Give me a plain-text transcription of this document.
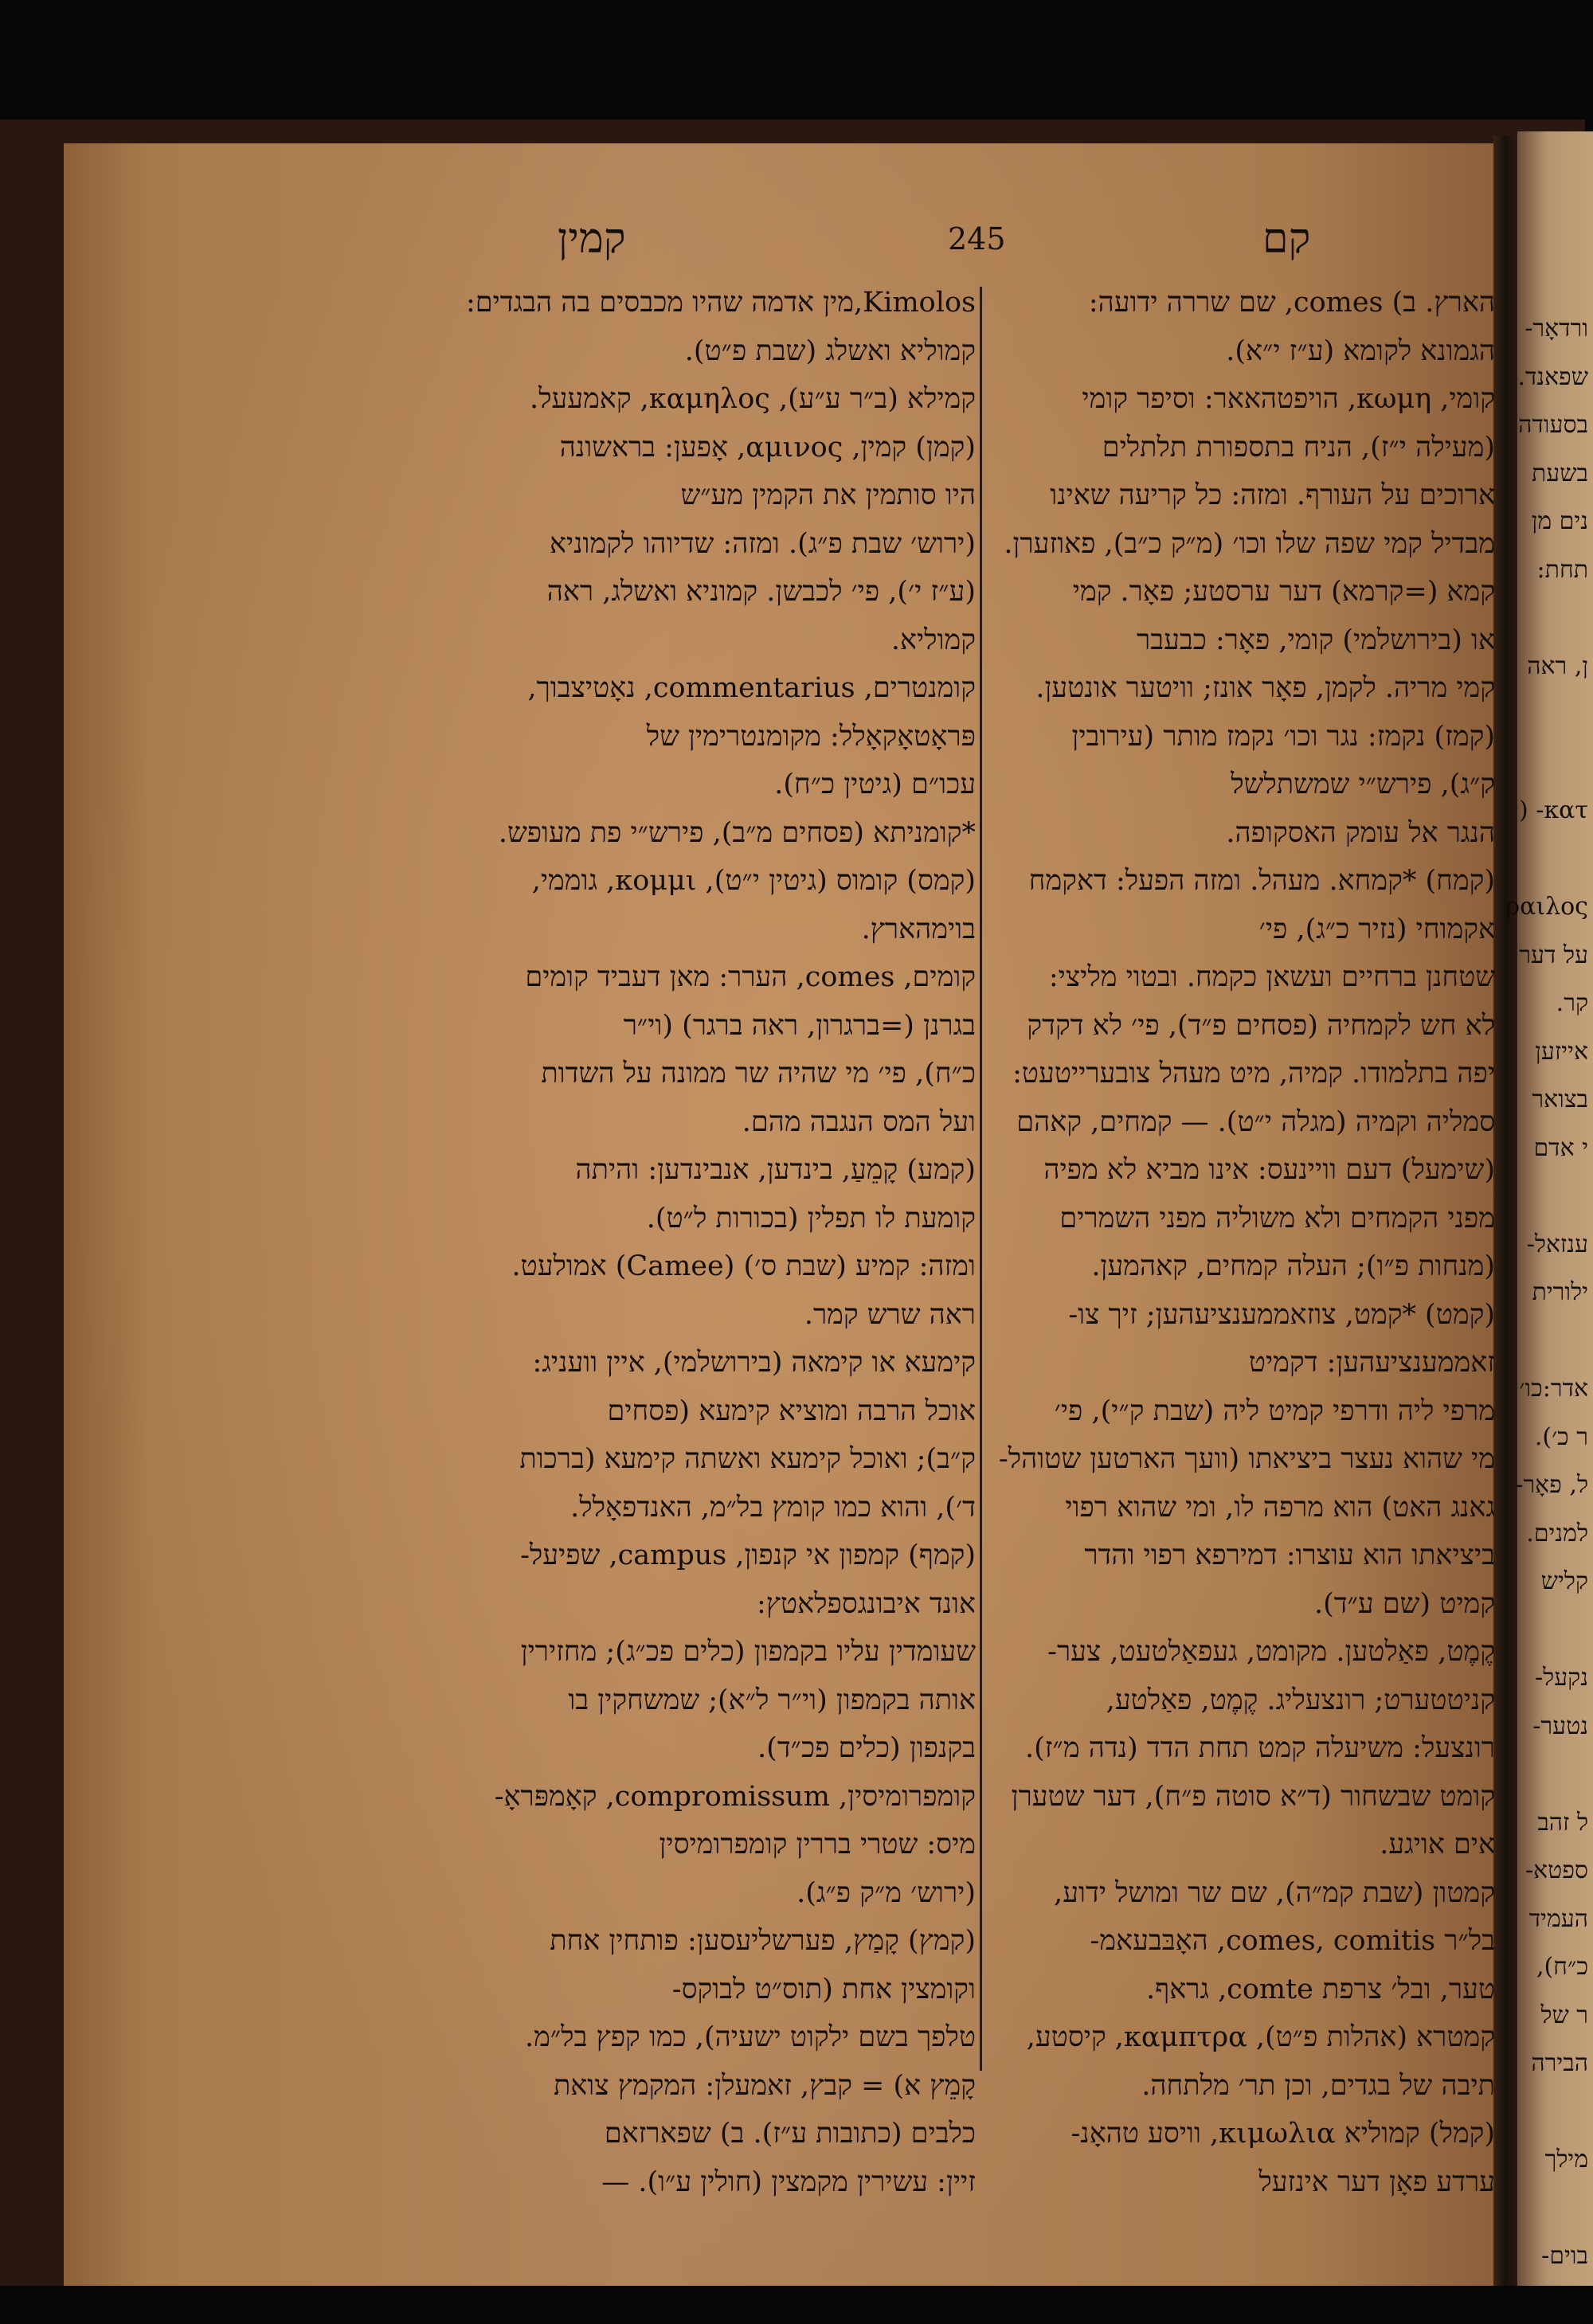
ורדאָר-
שפאנד.
בסעודה
בשעת
נים מן
תחת:
ן, ראה
κατ- (
ραιλος
על דער
קר.
אייזען
בצואר
י אדם
ענזאל-
ילורית
אדר:כו׳
ר כ׳).
ל, פאָר-
למנים.
קליש
נקעל-
נטער-
ל זהב
ספטא-
העמיד
כ״ח),
ר של
הבירה
מילך
בוים-
קמין	245	קם
Kimolos,מין אדמה שהיו מכבסים בה הבגדים:
קמוליא ואשלג (שבת פ״ט).
קמילא (ב״ר ע״ע), καμηλος, קאמעעל.
(קמן) קמין, αμινος, אָפען: בראשונה
היו סותמין את הקמין מע״ש
(ירוש׳ שבת פ״ג). ומזה: שדיוהו לקמוניא
(ע״ז י׳), פי׳ לכבשן. קמוניא ואשלג, ראה
קמוליא.
קומנטרים, commentarius, נאָטיצבוך,
פּראָטאָקאָלל: מקומנטרימין של
עכו״ם (גיטין כ״ח).
*קומניתא (פסחים מ״ב), פירש״י פת מעופש.
(קמס) קומוס (גיטין י״ט), κομμι, גוממי,
בוימהארץ.
קומים, comes, הערר: מאן דעביד קומים
בגרנן (=ברגרון, ראה ברגר) (וי״ר
כ״ח), פי׳ מי שהיה שר ממונה על השדות
ועל המס הנגבה מהם.
(קמע) קָמֵעַ, בינדען, אנבינדען: והיתה
קומעת לו תפלין (בכורות ל״ט).
ומזה: קמיע (שבת ס׳) (Camee) אמולעט.
ראה שרש קמר.
קימעא או קימאה (בירושלמי), איין וועניג:
אוכל הרבה ומוציא קימעא (פסחים
ק״ב); ואוכל קימעא ואשתה קימעא (ברכות
ד׳), והוא כמו קומץ בל״מ, האנדפאָלל.
(קמף) קמפון אי קנפון, campus, שפיעל-
אונד איבונגספלאטץ:
שעומדין עליו בקמפון (כלים פכ״ג); מחזירין
אותה בקמפון (וי״ר ל״א); שמשחקין בו
בקנפון (כלים פכ״ד).
קומפרומיסין, compromissum, קאָמפּראָ-
מיס: שטרי בררין קומפרומיסין
(ירוש׳ מ״ק פ״ג).
(קמץ) קָמַץ, פערשליעסען: פותחין אחת
וקומצין אחת (תוס״ט לבוקס-
טלפך בשם ילקוט ישעיה), כמו קפץ בל״מ.
קָמֵץ א) = קבץ, זאמעלן: המקמץ צואת
כלבים (כתובות ע״ז). ב) שפארזאם
זיין: עשירין מקמצין (חולין ע״ו). —
הארץ. ב) comes, שם שררה ידועה:
הגמונא לקומא (ע״ז י״א).
קומי, κωμη, הויפטהאאר: וסיפר קומי
(מעילה י״ז), הניח בתספורת תלתלים
ארוכים על העורף. ומזה: כל קריעה שאינו
מבדיל קמי שפה שלו וכו׳ (מ״ק כ״ב), פאוזערן.
קמא (=קרמא) דער ערסטע; פאָר. קמי
או (בירושלמי) קומי, פאָר: כבעבר
קמי מריה. לקמן, פאָר אונז; וויטער אונטען.
(קמז) נקמז: נגר וכו׳ נקמז מותר (עירובין
ק״ג), פירש״י שמשתלשל
הנגר אל עומק האסקופה.
(קמח) *קמחא. מעהל. ומזה הפעל: דאקמח
אקמוחי (נזיר כ״ג), פי׳
שטחנן ברחיים ועשאן כקמח. ובטוי מליצי:
לא חש לקמחיה (פסחים פ״ד), פי׳ לא דקדק
יפה בתלמודו. קמיה, מיט מעהל צובערייטעט:
סמליה וקמיה (מגלה י״ט). — קמחים, קאהם
(שימעל) דעם וויינעס: אינו מביא לא מפיה
מפני הקמחים ולא משוליה מפני השמרים
(מנחות פ״ו); העלה קמחים, קאהמען.
(קמט) *קמט, צוזאממענציעהען; זיך צו-
זאממענציעהען: דקמיט
מרפי ליה ודרפי קמיט ליה (שבת ק״י), פי׳
מי שהוא נעצר ביציאתו (וועך הארטען שטוהל-
גאנג האט) הוא מרפה לו, ומי שהוא רפוי
ביציאתו הוא עוצרו: דמירפא רפוי והדר
קמיט (שם ע״ד).
קֶמֶט, פאַלטען. מקומט, געפאַלטעט, צער-
קניטטערט; רונצעליג. קֶמֶט, פאַלטע,
רונצעל: משיעלה קמט תחת הדד (נדה מ״ז).
קומט שבשחור (ד״א סוטה פ״ח), דער שטערן
אים אויגע.
קמטון (שבת קמ״ה), שם שר ומושל ידוע,
בל״ר comes, comitis, האָבּבעאמ-
טער, ובל׳ צרפת comte, גראף.
קמטרא (אהלות פ״ט), καμπτρα, קיסטע,
תיבה של בגדים, וכן תר׳ מלתחה.
(קמל) קמוליא κιμωλια, וויסע טהאָנ-
ערדע פאָן דער אינזעל
